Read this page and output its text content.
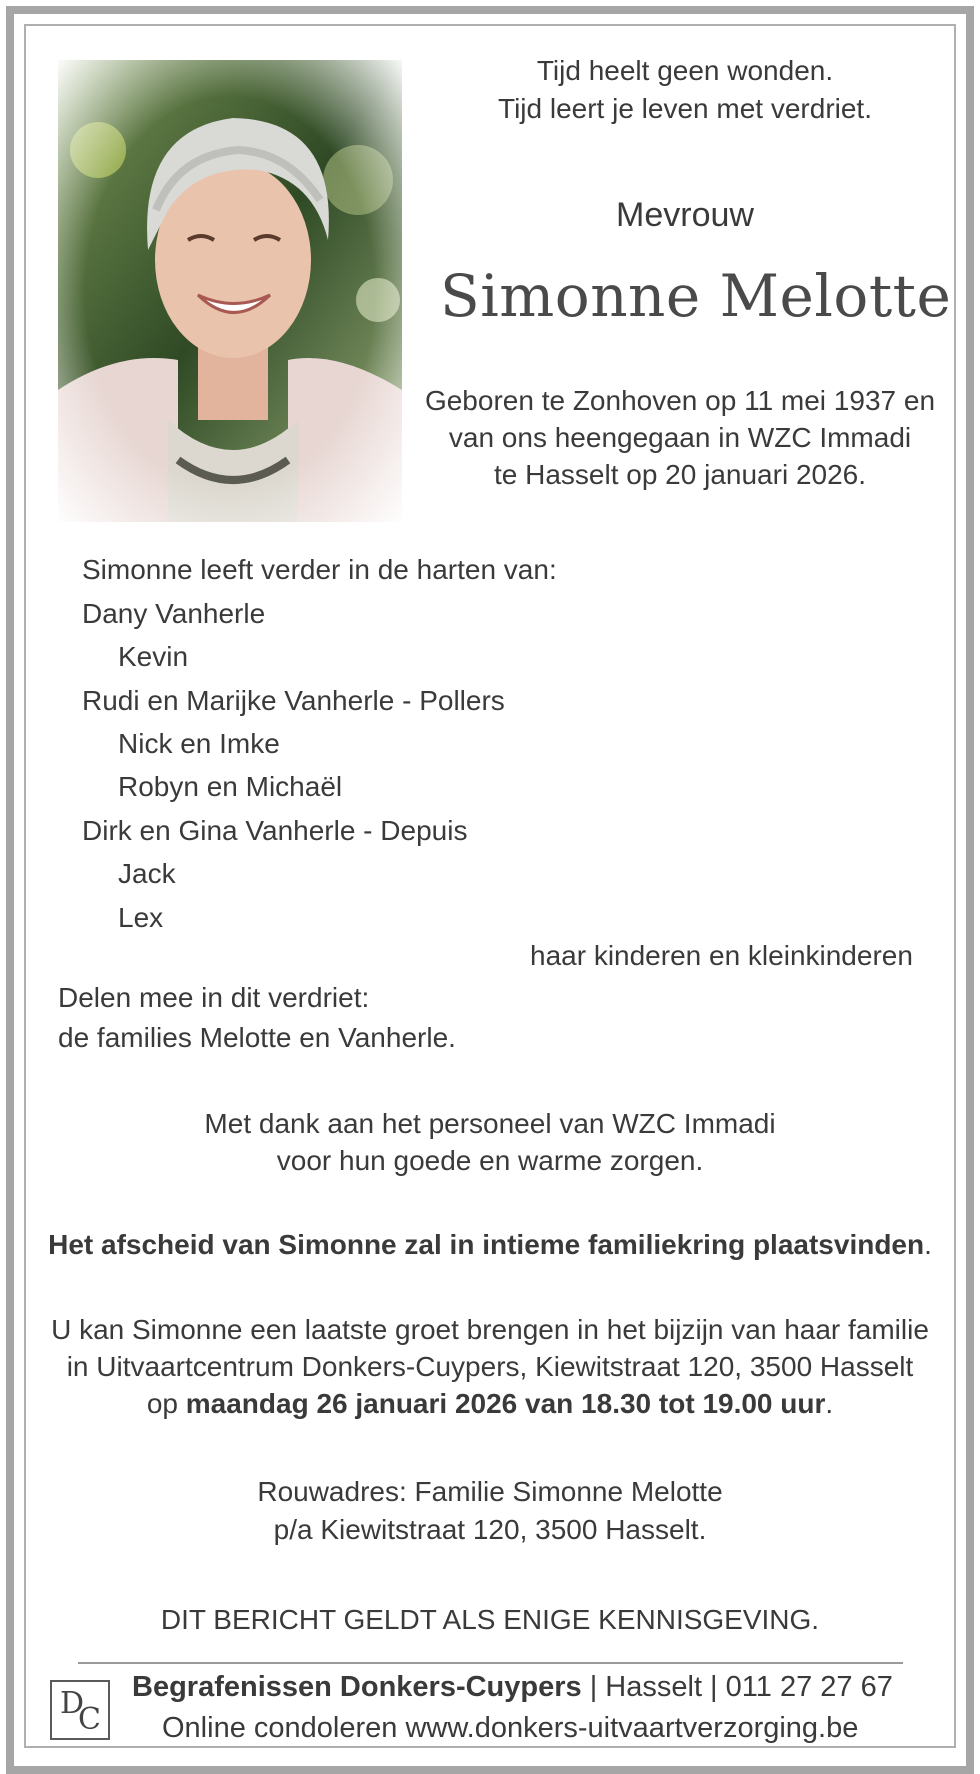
Tijd heelt geen wonden.
Tijd leert je leven met verdriet.
Mevrouw
Simonne Melotte
Geboren te Zonhoven op 11 mei 1937 en
van ons heengegaan in WZC Immadi
te Hasselt op 20 januari 2026.
Simonne leeft verder in de harten van:
Dany Vanherle
Kevin
Rudi en Marijke Vanherle - Pollers
Nick en Imke
Robyn en Michaël
Dirk en Gina Vanherle - Depuis
Jack
Lex
haar kinderen en kleinkinderen
Delen mee in dit verdriet:
de families Melotte en Vanherle.
Met dank aan het personeel van WZC Immadi
voor hun goede en warme zorgen.
Het afscheid van Simonne zal in intieme familiekring plaatsvinden.
U kan Simonne een laatste groet brengen in het bijzijn van haar familie
in Uitvaartcentrum Donkers-Cuypers, Kiewitstraat 120, 3500 Hasselt
op maandag 26 januari 2026 van 18.30 tot 19.00 uur.
Rouwadres: Familie Simonne Melotte
p/a Kiewitstraat 120, 3500 Hasselt.
DIT BERICHT GELDT ALS ENIGE KENNISGEVING.
D
C
Begrafenissen Donkers-Cuypers | Hasselt | 011 27 27 67
Online condoleren www.donkers-uitvaartverzorging.be
